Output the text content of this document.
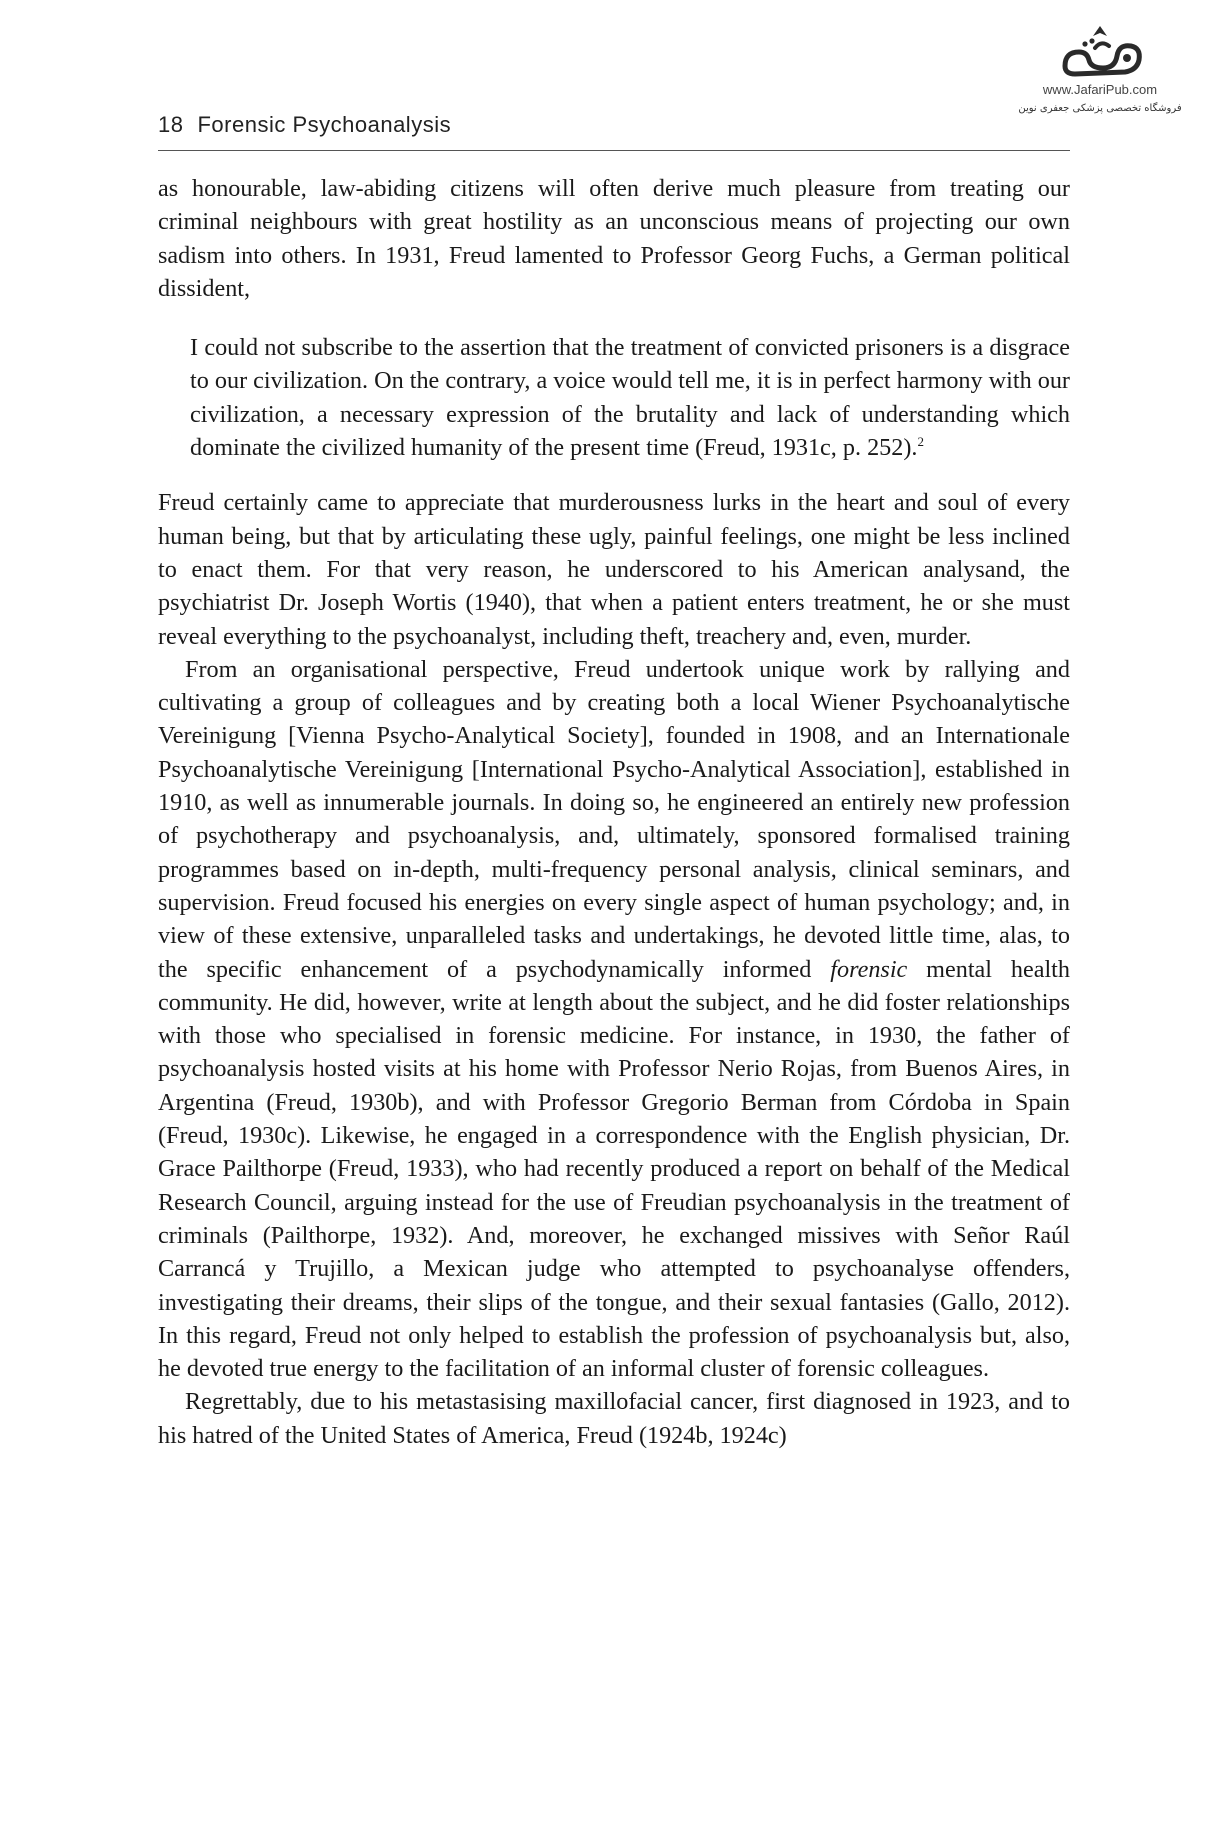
www.JafariPub.com
فروشگاه تخصصی پزشکی جعفری نوین
18 Forensic Psychoanalysis

as honourable, law-abiding citizens will often derive much pleasure from treating our criminal neighbours with great hostility as an unconscious means of projecting our own sadism into others. In 1931, Freud lamented to Professor Georg Fuchs, a German political dissident,

I could not subscribe to the assertion that the treatment of convicted prisoners is a disgrace to our civilization. On the contrary, a voice would tell me, it is in perfect harmony with our civilization, a necessary expression of the brutality and lack of understanding which dominate the civilized humanity of the present time (Freud, 1931c, p. 252).$^2$

Freud certainly came to appreciate that murderousness lurks in the heart and soul of every human being, but that by articulating these ugly, painful feelings, one might be less inclined to enact them. For that very reason, he underscored to his American analysand, the psychiatrist Dr. Joseph Wortis (1940), that when a patient enters treatment, he or she must reveal everything to the psychoanalyst, including theft, treachery and, even, murder.

From an organisational perspective, Freud undertook unique work by rallying and cultivating a group of colleagues and by creating both a local Wiener Psychoanalytische Vereinigung [Vienna Psycho-Analytical Society], founded in 1908, and an Internationale Psychoanalytische Vereinigung [International Psycho-Analytical Association], established in 1910, as well as innumerable journals. In doing so, he engineered an entirely new profession of psychotherapy and psychoanalysis, and, ultimately, sponsored formalised training programmes based on in-depth, multi-frequency personal analysis, clinical seminars, and supervision. Freud focused his energies on every single aspect of human psychology; and, in view of these extensive, unparalleled tasks and undertakings, he devoted little time, alas, to the specific enhancement of a psychodynamically informed forensic mental health community. He did, however, write at length about the subject, and he did foster relationships with those who specialised in forensic medicine. For instance, in 1930, the father of psychoanalysis hosted visits at his home with Professor Nerio Rojas, from Buenos Aires, in Argentina (Freud, 1930b), and with Professor Gregorio Berman from Córdoba in Spain (Freud, 1930c). Likewise, he engaged in a correspondence with the English physician, Dr. Grace Pailthorpe (Freud, 1933), who had recently produced a report on behalf of the Medical Research Council, arguing instead for the use of Freudian psychoanalysis in the treatment of criminals (Pailthorpe, 1932). And, moreover, he exchanged missives with Señor Raúl Carrancá y Trujillo, a Mexican judge who attempted to psychoanalyse offenders, investigating their dreams, their slips of the tongue, and their sexual fantasies (Gallo, 2012). In this regard, Freud not only helped to establish the profession of psychoanalysis but, also, he devoted true energy to the facilitation of an informal cluster of forensic colleagues.

Regrettably, due to his metastasising maxillofacial cancer, first diagnosed in 1923, and to his hatred of the United States of America, Freud (1924b, 1924c)
